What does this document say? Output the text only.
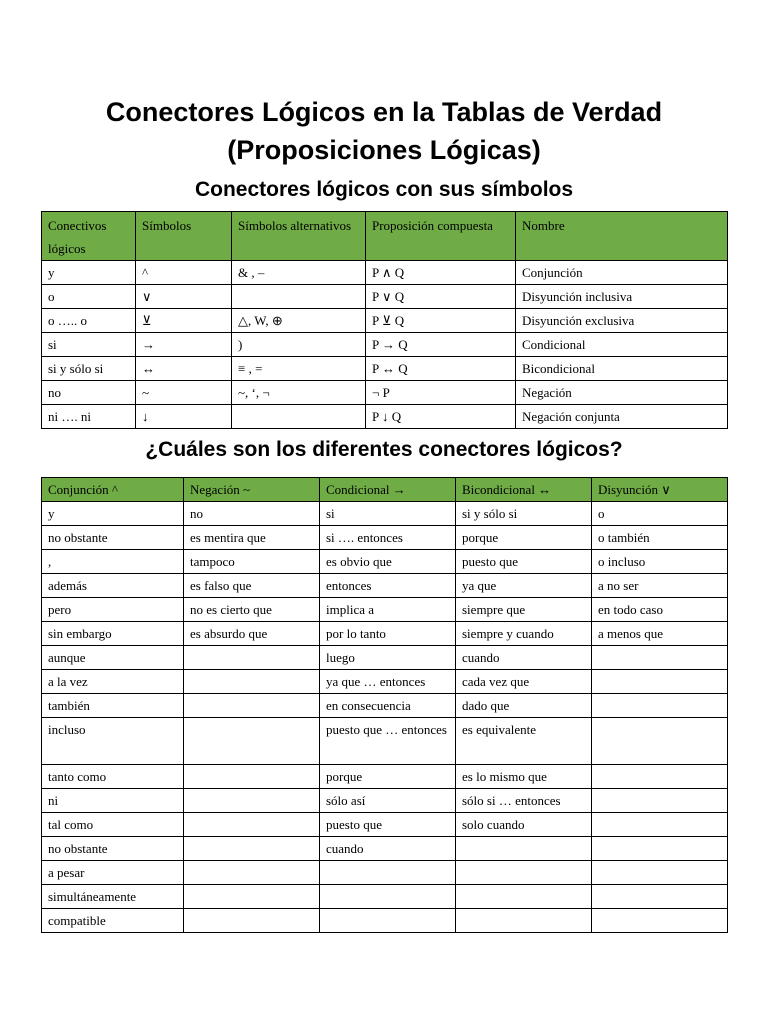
Conectores Lógicos en la Tablas de Verdad
(Proposiciones Lógicas)
Conectores lógicos con sus símbolos
Conectivos lógicos	Símbolos	Símbolos alternativos	Proposición compuesta	Nombre
y	^	& , –	P ∧ Q	Conjunción
o	∨		P ∨ Q	Disyunción inclusiva
o ….. o	⊻	△, W, ⊕	P ⊻ Q	Disyunción exclusiva
si	→	)	P → Q	Condicional
si y sólo si	↔	≡ , =	P ↔ Q	Bicondicional
no	~	~, ‘, ¬	¬ P	Negación
ni …. ni	↓		P ↓ Q	Negación conjunta
¿Cuáles son los diferentes conectores lógicos?
Conjunción ^	Negación ~	Condicional →	Bicondicional ↔	Disyunción ∨
y	no	si	si y sólo si	o
no obstante	es mentira que	si …. entonces	porque	o también
,	tampoco	es obvio que	puesto que	o incluso
además	es falso que	entonces	ya que	a no ser
pero	no es cierto que	implica a	siempre que	en todo caso
sin embargo	es absurdo que	por lo tanto	siempre y cuando	a menos que
aunque		luego	cuando	
a la vez		ya que … entonces	cada vez que	
también		en consecuencia	dado que	
incluso		puesto que … entonces	es equivalente	
tanto como		porque	es lo mismo que	
ni		sólo así	sólo si … entonces	
tal como		puesto que	solo cuando	
no obstante		cuando		
a pesar				
simultáneamente				
compatible				
